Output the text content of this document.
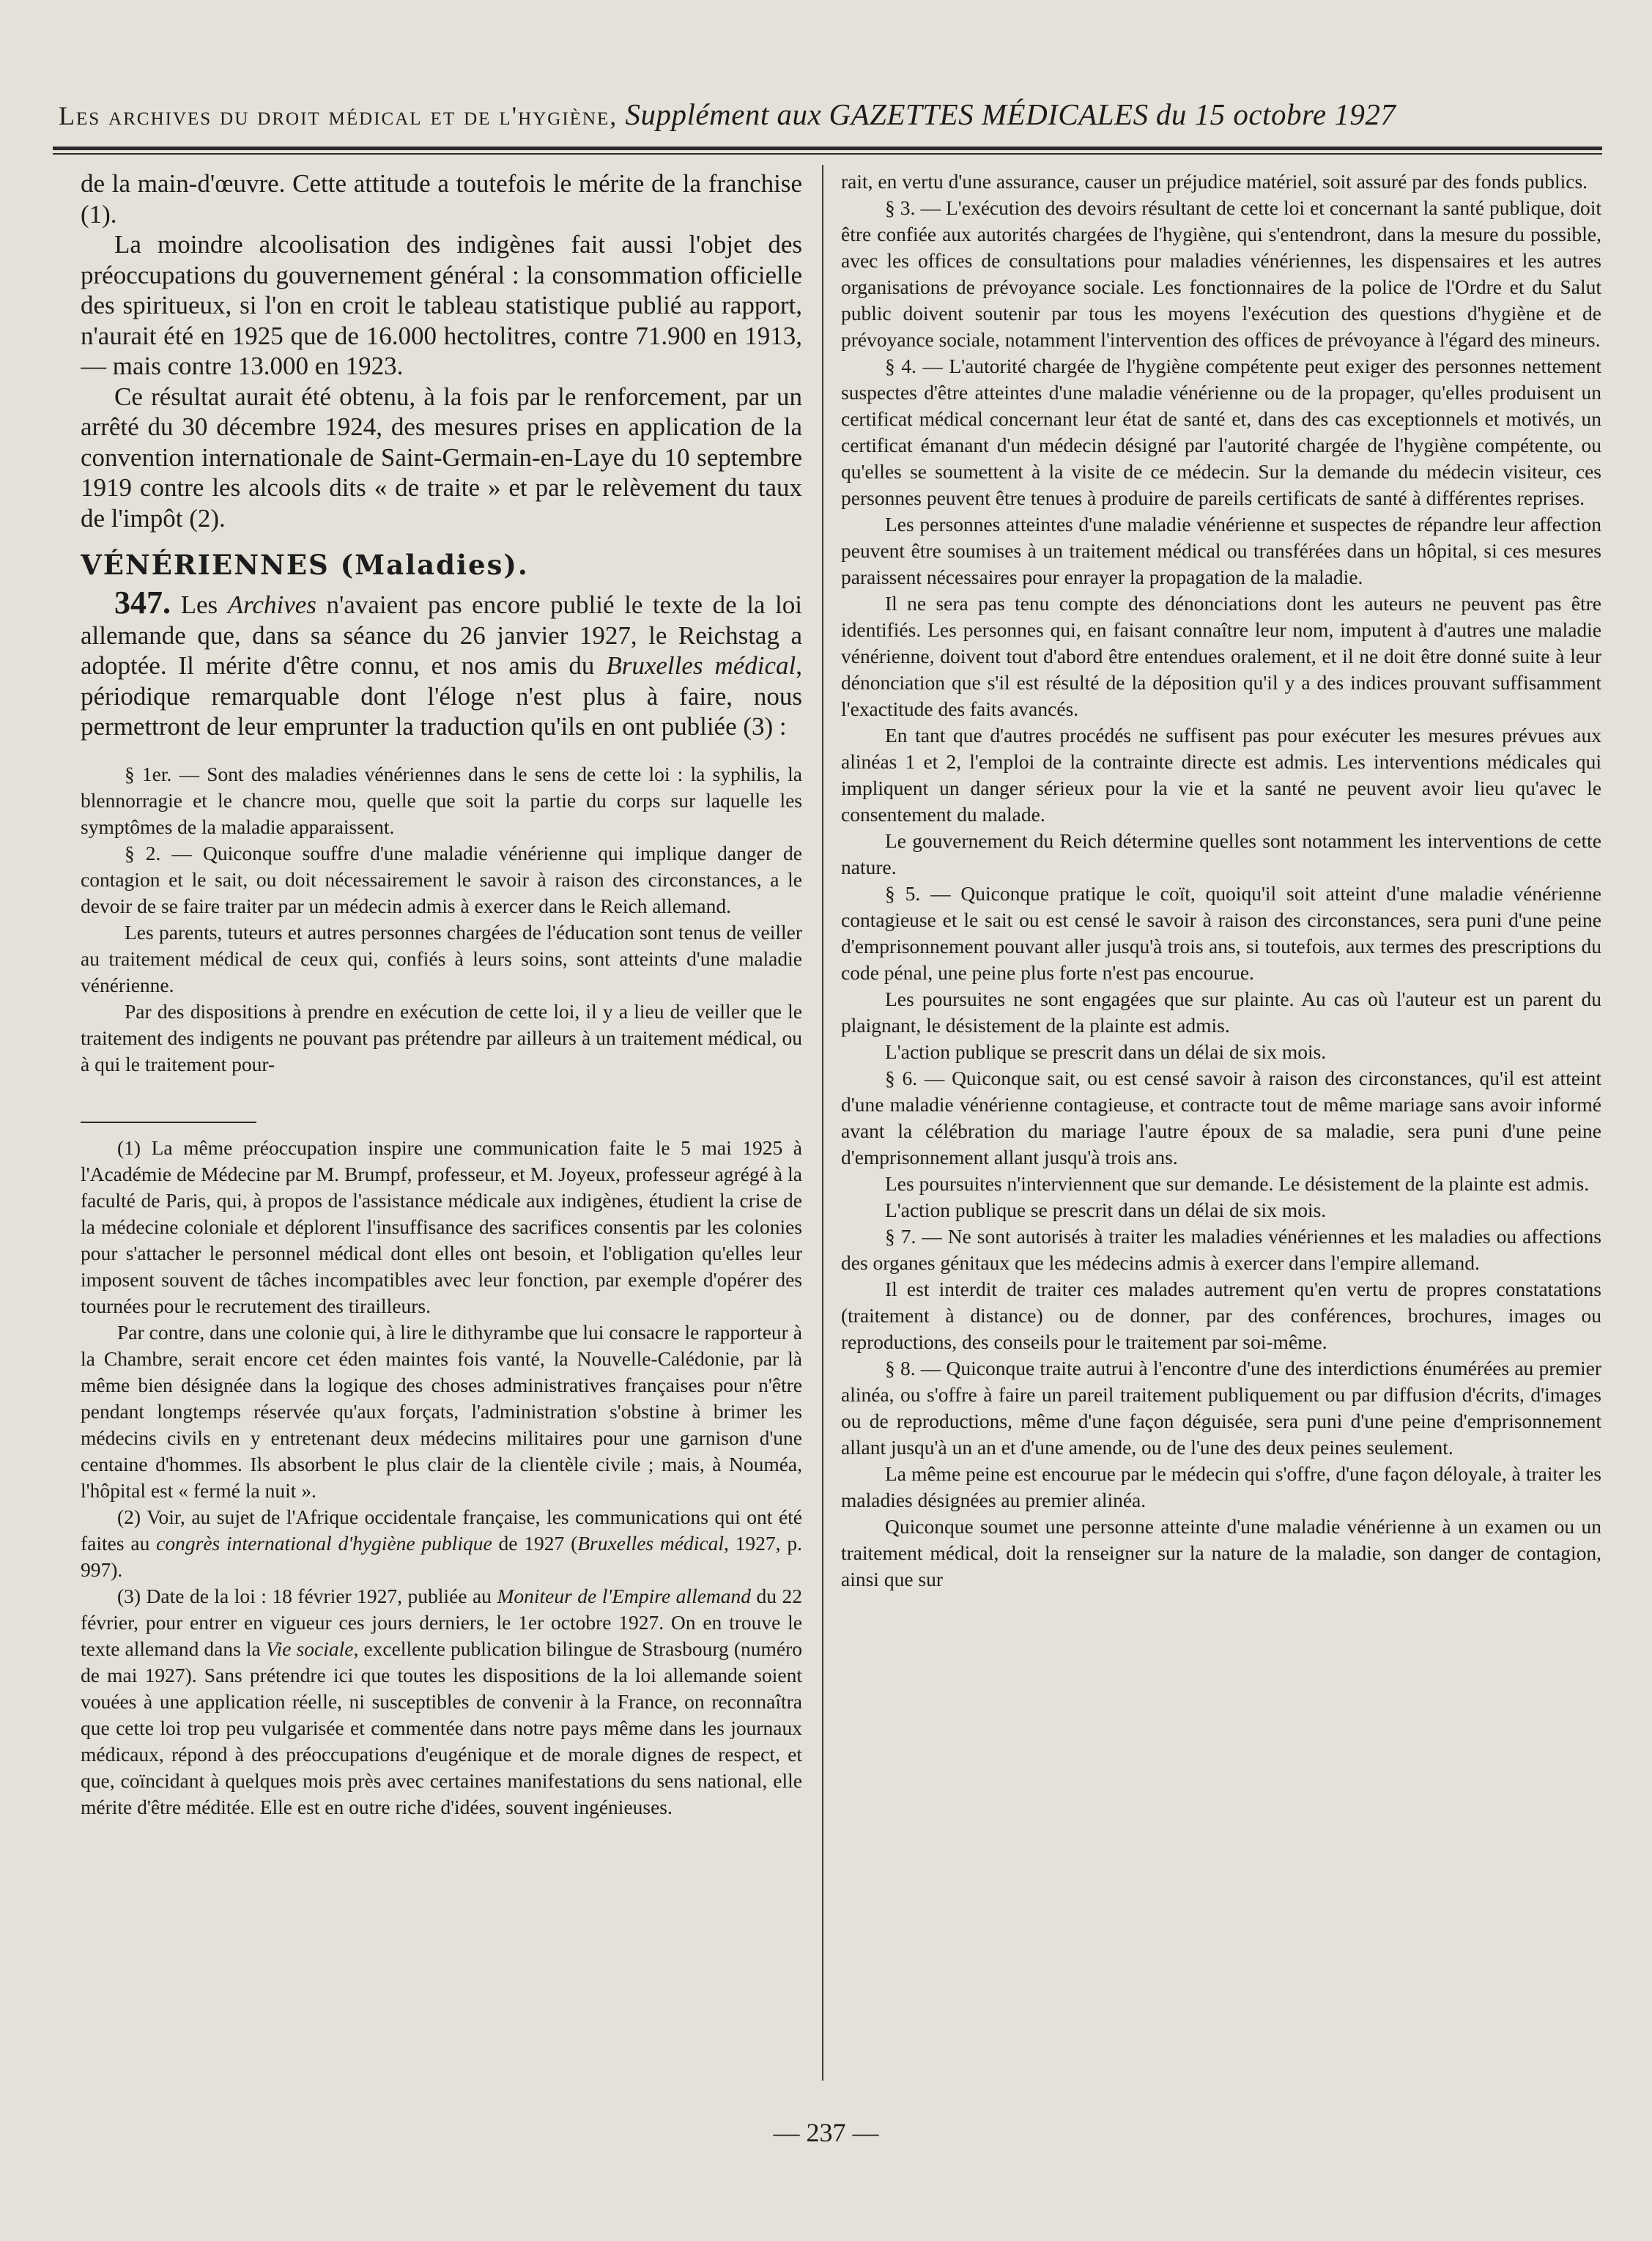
Les archives du droit médical et de l'hygiène, Supplément aux GAZETTES MÉDICALES du 15 octobre 1927

de la main-d'œuvre. Cette attitude a toutefois le mérite de la franchise (1).

La moindre alcoolisation des indigènes fait aussi l'objet des préoccupations du gouvernement général : la consommation officielle des spiritueux, si l'on en croit le tableau statistique publié au rapport, n'aurait été en 1925 que de 16.000 hectolitres, contre 71.900 en 1913, — mais contre 13.000 en 1923.

Ce résultat aurait été obtenu, à la fois par le renforcement, par un arrêté du 30 décembre 1924, des mesures prises en application de la convention internationale de Saint-Germain-en-Laye du 10 septembre 1919 contre les alcools dits « de traite » et par le relèvement du taux de l'impôt (2).

VÉNÉRIENNES (Maladies).

347. Les Archives n'avaient pas encore publié le texte de la loi allemande que, dans sa séance du 26 janvier 1927, le Reichstag a adoptée. Il mérite d'être connu, et nos amis du Bruxelles médical, périodique remarquable dont l'éloge n'est plus à faire, nous permettront de leur emprunter la traduction qu'ils en ont publiée (3) :

§ 1er. — Sont des maladies vénériennes dans le sens de cette loi : la syphilis, la blennorragie et le chancre mou, quelle que soit la partie du corps sur laquelle les symptômes de la maladie apparaissent.

§ 2. — Quiconque souffre d'une maladie vénérienne qui implique danger de contagion et le sait, ou doit nécessairement le savoir à raison des circonstances, a le devoir de se faire traiter par un médecin admis à exercer dans le Reich allemand.

Les parents, tuteurs et autres personnes chargées de l'éducation sont tenus de veiller au traitement médical de ceux qui, confiés à leurs soins, sont atteints d'une maladie vénérienne.

Par des dispositions à prendre en exécution de cette loi, il y a lieu de veiller que le traitement des indigents ne pouvant pas prétendre par ailleurs à un traitement médical, ou à qui le traitement pour-

(1) La même préoccupation inspire une communication faite le 5 mai 1925 à l'Académie de Médecine par M. Brumpf, professeur, et M. Joyeux, professeur agrégé à la faculté de Paris, qui, à propos de l'assistance médicale aux indigènes, étudient la crise de la médecine coloniale et déplorent l'insuffisance des sacrifices consentis par les colonies pour s'attacher le personnel médical dont elles ont besoin, et l'obligation qu'elles leur imposent souvent de tâches incompatibles avec leur fonction, par exemple d'opérer des tournées pour le recrutement des tirailleurs.

Par contre, dans une colonie qui, à lire le dithyrambe que lui consacre le rapporteur à la Chambre, serait encore cet éden maintes fois vanté, la Nouvelle-Calédonie, par là même bien désignée dans la logique des choses administratives françaises pour n'être pendant longtemps réservée qu'aux forçats, l'administration s'obstine à brimer les médecins civils en y entretenant deux médecins militaires pour une garnison d'une centaine d'hommes. Ils absorbent le plus clair de la clientèle civile ; mais, à Nouméa, l'hôpital est « fermé la nuit ».

(2) Voir, au sujet de l'Afrique occidentale française, les communications qui ont été faites au congrès international d'hygiène publique de 1927 (Bruxelles médical, 1927, p. 997).

(3) Date de la loi : 18 février 1927, publiée au Moniteur de l'Empire allemand du 22 février, pour entrer en vigueur ces jours derniers, le 1er octobre 1927. On en trouve le texte allemand dans la Vie sociale, excellente publication bilingue de Strasbourg (numéro de mai 1927). Sans prétendre ici que toutes les dispositions de la loi allemande soient vouées à une application réelle, ni susceptibles de convenir à la France, on reconnaîtra que cette loi trop peu vulgarisée et commentée dans notre pays même dans les journaux médicaux, répond à des préoccupations d'eugénique et de morale dignes de respect, et que, coïncidant à quelques mois près avec certaines manifestations du sens national, elle mérite d'être méditée. Elle est en outre riche d'idées, souvent ingénieuses.

rait, en vertu d'une assurance, causer un préjudice matériel, soit assuré par des fonds publics.

§ 3. — L'exécution des devoirs résultant de cette loi et concernant la santé publique, doit être confiée aux autorités chargées de l'hygiène, qui s'entendront, dans la mesure du possible, avec les offices de consultations pour maladies vénériennes, les dispensaires et les autres organisations de prévoyance sociale. Les fonctionnaires de la police de l'Ordre et du Salut public doivent soutenir par tous les moyens l'exécution des questions d'hygiène et de prévoyance sociale, notamment l'intervention des offices de prévoyance à l'égard des mineurs.

§ 4. — L'autorité chargée de l'hygiène compétente peut exiger des personnes nettement suspectes d'être atteintes d'une maladie vénérienne ou de la propager, qu'elles produisent un certificat médical concernant leur état de santé et, dans des cas exceptionnels et motivés, un certificat émanant d'un médecin désigné par l'autorité chargée de l'hygiène compétente, ou qu'elles se soumettent à la visite de ce médecin. Sur la demande du médecin visiteur, ces personnes peuvent être tenues à produire de pareils certificats de santé à différentes reprises.

Les personnes atteintes d'une maladie vénérienne et suspectes de répandre leur affection peuvent être soumises à un traitement médical ou transférées dans un hôpital, si ces mesures paraissent nécessaires pour enrayer la propagation de la maladie.

Il ne sera pas tenu compte des dénonciations dont les auteurs ne peuvent pas être identifiés. Les personnes qui, en faisant connaître leur nom, imputent à d'autres une maladie vénérienne, doivent tout d'abord être entendues oralement, et il ne doit être donné suite à leur dénonciation que s'il est résulté de la déposition qu'il y a des indices prouvant suffisamment l'exactitude des faits avancés.

En tant que d'autres procédés ne suffisent pas pour exécuter les mesures prévues aux alinéas 1 et 2, l'emploi de la contrainte directe est admis. Les interventions médicales qui impliquent un danger sérieux pour la vie et la santé ne peuvent avoir lieu qu'avec le consentement du malade.

Le gouvernement du Reich détermine quelles sont notamment les interventions de cette nature.

§ 5. — Quiconque pratique le coït, quoiqu'il soit atteint d'une maladie vénérienne contagieuse et le sait ou est censé le savoir à raison des circonstances, sera puni d'une peine d'emprisonnement pouvant aller jusqu'à trois ans, si toutefois, aux termes des prescriptions du code pénal, une peine plus forte n'est pas encourue.

Les poursuites ne sont engagées que sur plainte. Au cas où l'auteur est un parent du plaignant, le désistement de la plainte est admis.

L'action publique se prescrit dans un délai de six mois.

§ 6. — Quiconque sait, ou est censé savoir à raison des circonstances, qu'il est atteint d'une maladie vénérienne contagieuse, et contracte tout de même mariage sans avoir informé avant la célébration du mariage l'autre époux de sa maladie, sera puni d'une peine d'emprisonnement allant jusqu'à trois ans.

Les poursuites n'interviennent que sur demande. Le désistement de la plainte est admis.

L'action publique se prescrit dans un délai de six mois.

§ 7. — Ne sont autorisés à traiter les maladies vénériennes et les maladies ou affections des organes génitaux que les médecins admis à exercer dans l'empire allemand.

Il est interdit de traiter ces malades autrement qu'en vertu de propres constatations (traitement à distance) ou de donner, par des conférences, brochures, images ou reproductions, des conseils pour le traitement par soi-même.

§ 8. — Quiconque traite autrui à l'encontre d'une des interdictions énumérées au premier alinéa, ou s'offre à faire un pareil traitement publiquement ou par diffusion d'écrits, d'images ou de reproductions, même d'une façon déguisée, sera puni d'une peine d'emprisonnement allant jusqu'à un an et d'une amende, ou de l'une des deux peines seulement.

La même peine est encourue par le médecin qui s'offre, d'une façon déloyale, à traiter les maladies désignées au premier alinéa.

Quiconque soumet une personne atteinte d'une maladie vénérienne à un examen ou un traitement médical, doit la renseigner sur la nature de la maladie, son danger de contagion, ainsi que sur

— 237 —
